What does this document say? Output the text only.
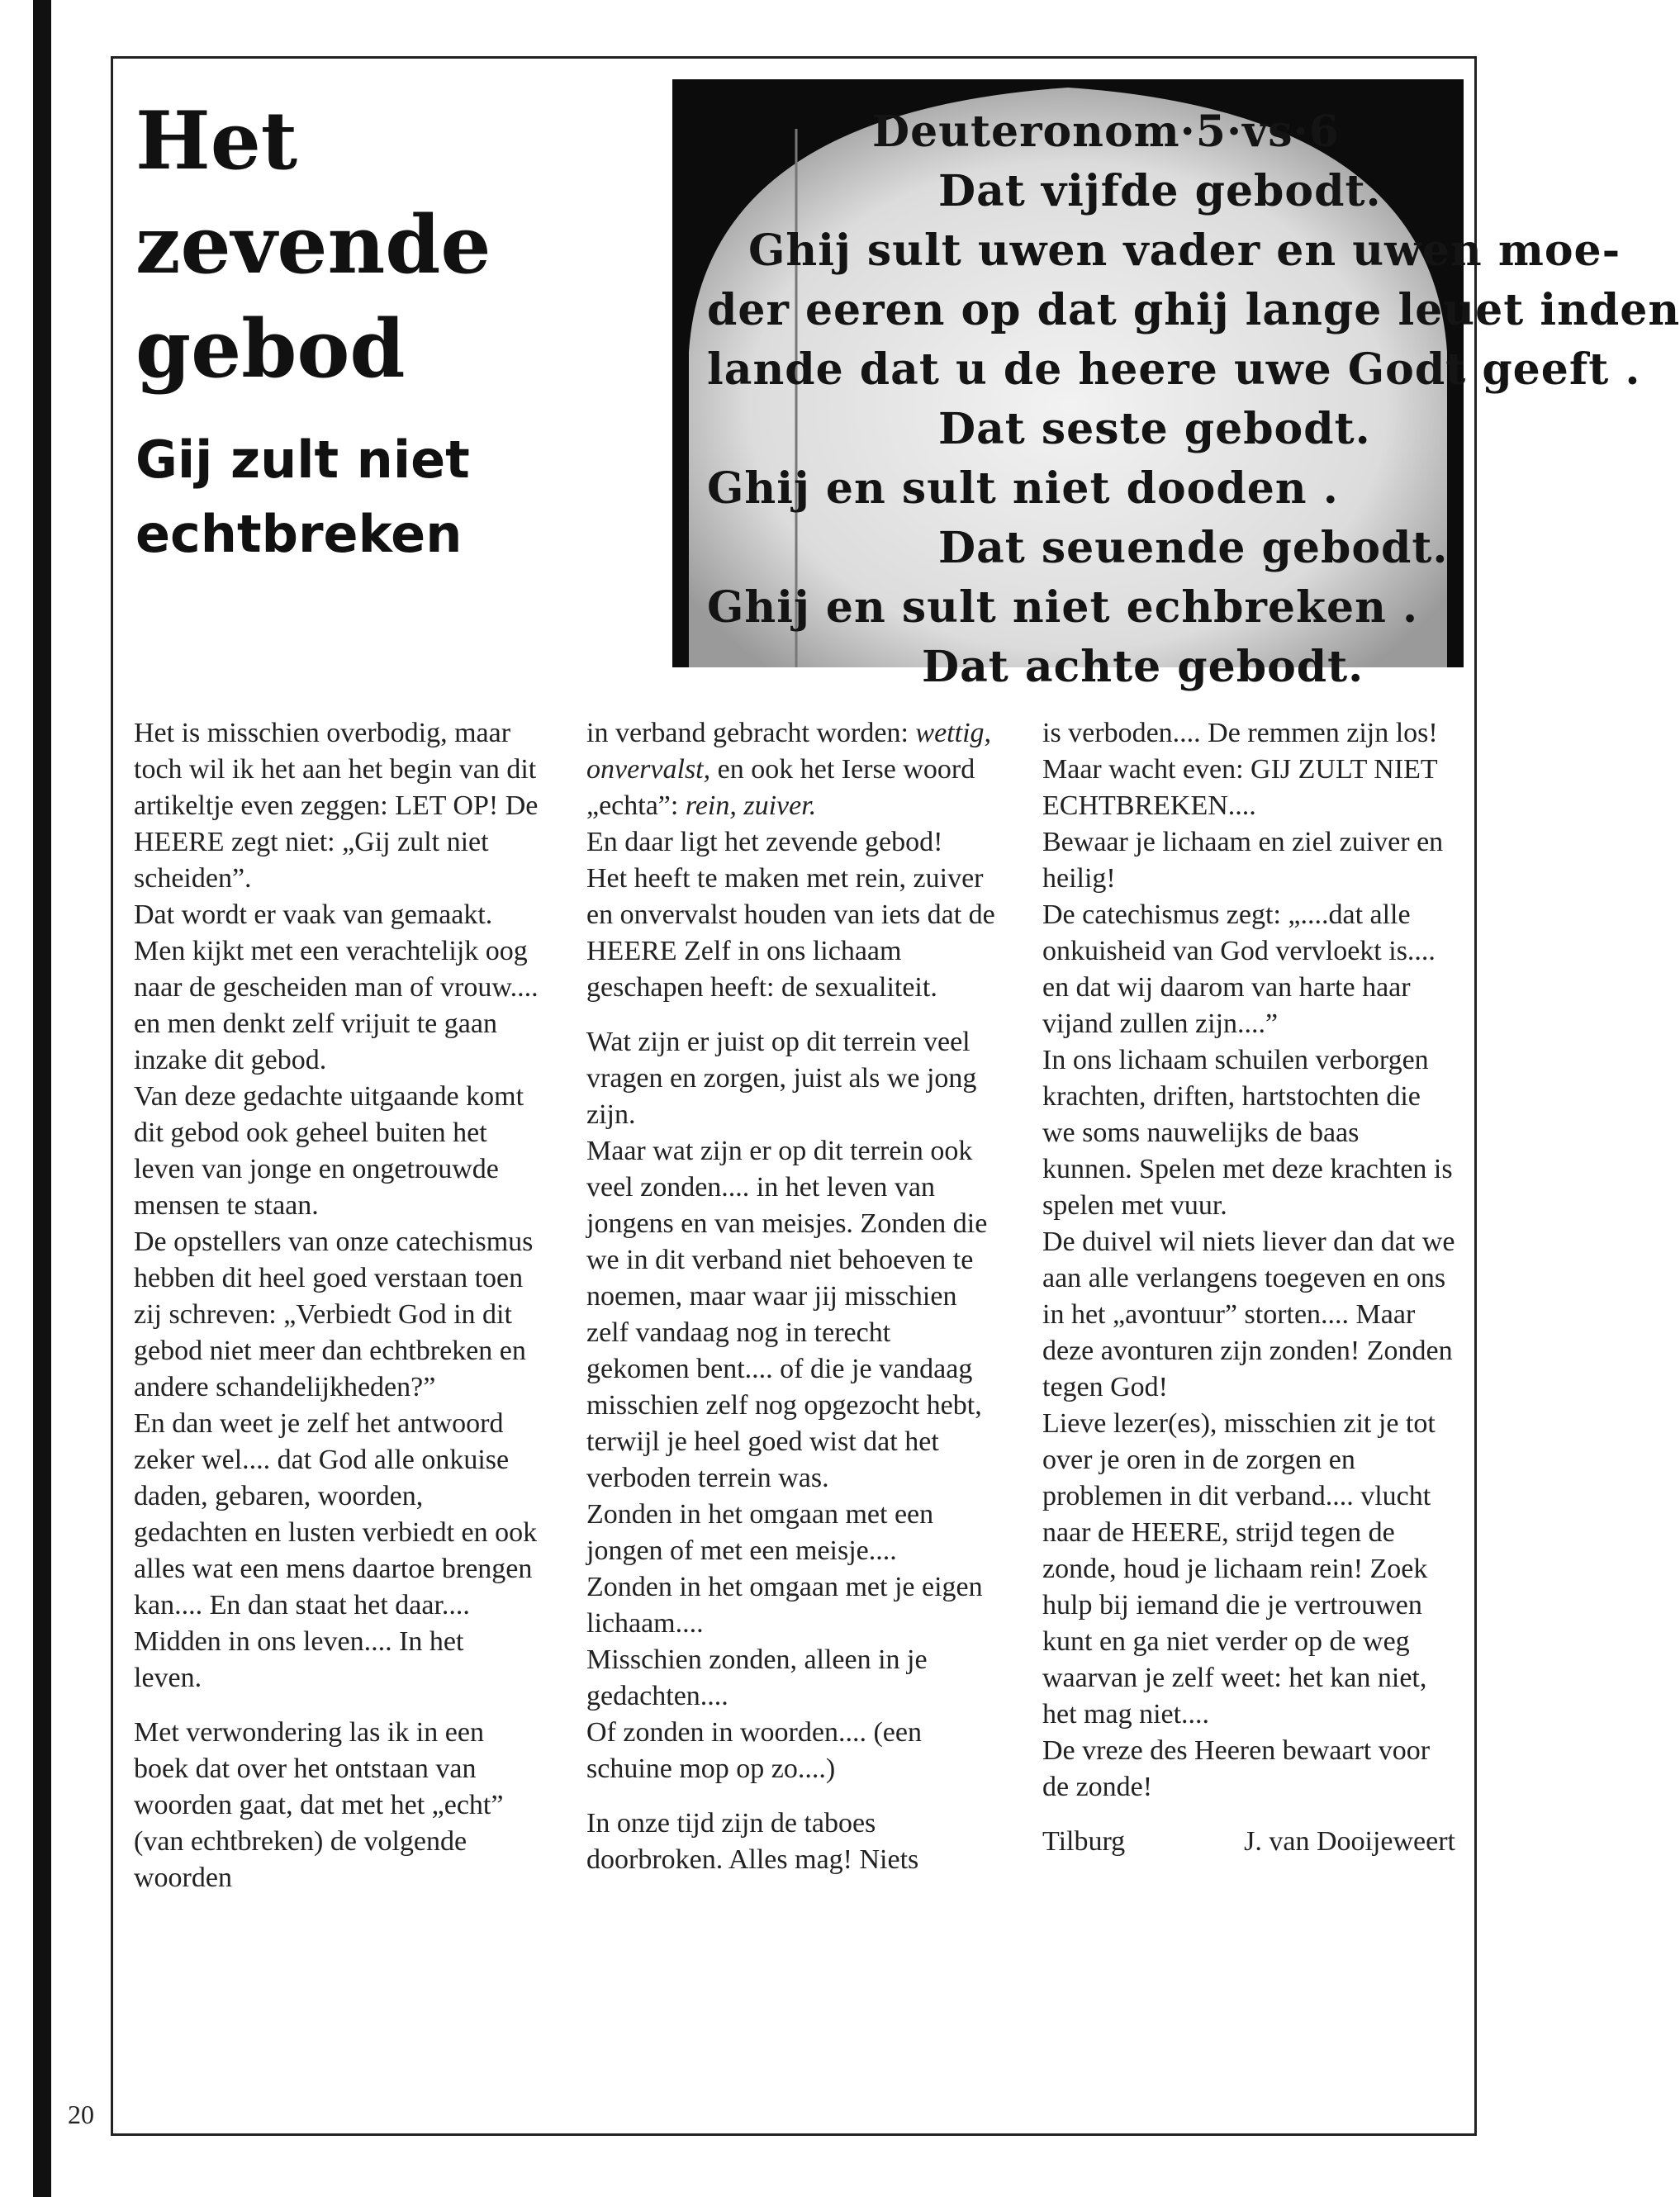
Het zevende gebod
Gij zult niet echtbreken
Deuteronom·5·vs·6
Dat vijfde gebodt.
Ghij sult uwen vader en uwen moe-
der eeren op dat ghij lange leuet inden
lande dat u de heere uwe Godt geeft .
Dat seste gebodt.
Ghij en sult niet dooden .
Dat seuende gebodt.
Ghij en sult niet echbreken .
Dat achte gebodt.

Het is misschien overbodig, maar toch wil ik het aan het begin van dit artikeltje even zeggen: LET OP! De HEERE zegt niet: „Gij zult niet scheiden”.

Dat wordt er vaak van gemaakt. Men kijkt met een verachtelijk oog naar de gescheiden man of vrouw.... en men denkt zelf vrijuit te gaan inzake dit gebod.

Van deze gedachte uitgaande komt dit gebod ook geheel buiten het leven van jonge en ongetrouwde mensen te staan.

De opstellers van onze catechismus hebben dit heel goed verstaan toen zij schreven: „Verbiedt God in dit gebod niet meer dan echtbreken en andere schandelijkheden?”

En dan weet je zelf het antwoord zeker wel.... dat God alle onkuise daden, gebaren, woorden, gedachten en lusten verbiedt en ook alles wat een mens daartoe brengen kan.... En dan staat het daar.... Midden in ons leven.... In het leven.

Met verwondering las ik in een boek dat over het ontstaan van woorden gaat, dat met het „echt” (van echtbreken) de volgende woorden

in verband gebracht worden: wettig, onvervalst, en ook het Ierse woord „echta”: rein, zuiver.

En daar ligt het zevende gebod!

Het heeft te maken met rein, zuiver en onvervalst houden van iets dat de HEERE Zelf in ons lichaam geschapen heeft: de sexualiteit.

Wat zijn er juist op dit terrein veel vragen en zorgen, juist als we jong zijn.

Maar wat zijn er op dit terrein ook veel zonden.... in het leven van jongens en van meisjes. Zonden die we in dit verband niet behoeven te noemen, maar waar jij misschien zelf vandaag nog in terecht gekomen bent.... of die je vandaag misschien zelf nog opgezocht hebt, terwijl je heel goed wist dat het verboden terrein was.

Zonden in het omgaan met een jongen of met een meisje....

Zonden in het omgaan met je eigen lichaam....

Misschien zonden, alleen in je gedachten....

Of zonden in woorden.... (een schuine mop op zo....)

In onze tijd zijn de taboes doorbroken. Alles mag! Niets

is verboden.... De remmen zijn los!

Maar wacht even: GIJ ZULT NIET ECHTBREKEN....

Bewaar je lichaam en ziel zuiver en heilig!

De catechismus zegt: „....dat alle onkuisheid van God vervloekt is.... en dat wij daarom van harte haar vijand zullen zijn....”

In ons lichaam schuilen verborgen krachten, driften, hartstochten die we soms nauwelijks de baas kunnen. Spelen met deze krachten is spelen met vuur.

De duivel wil niets liever dan dat we aan alle verlangens toegeven en ons in het „avontuur” storten.... Maar deze avonturen zijn zonden! Zonden tegen God!

Lieve lezer(es), misschien zit je tot over je oren in de zorgen en problemen in dit verband.... vlucht naar de HEERE, strijd tegen de zonde, houd je lichaam rein! Zoek hulp bij iemand die je vertrouwen kunt en ga niet verder op de weg waarvan je zelf weet: het kan niet, het mag niet....

De vreze des Heeren bewaart voor de zonde!

Tilburg	J. van Dooijeweert
20
